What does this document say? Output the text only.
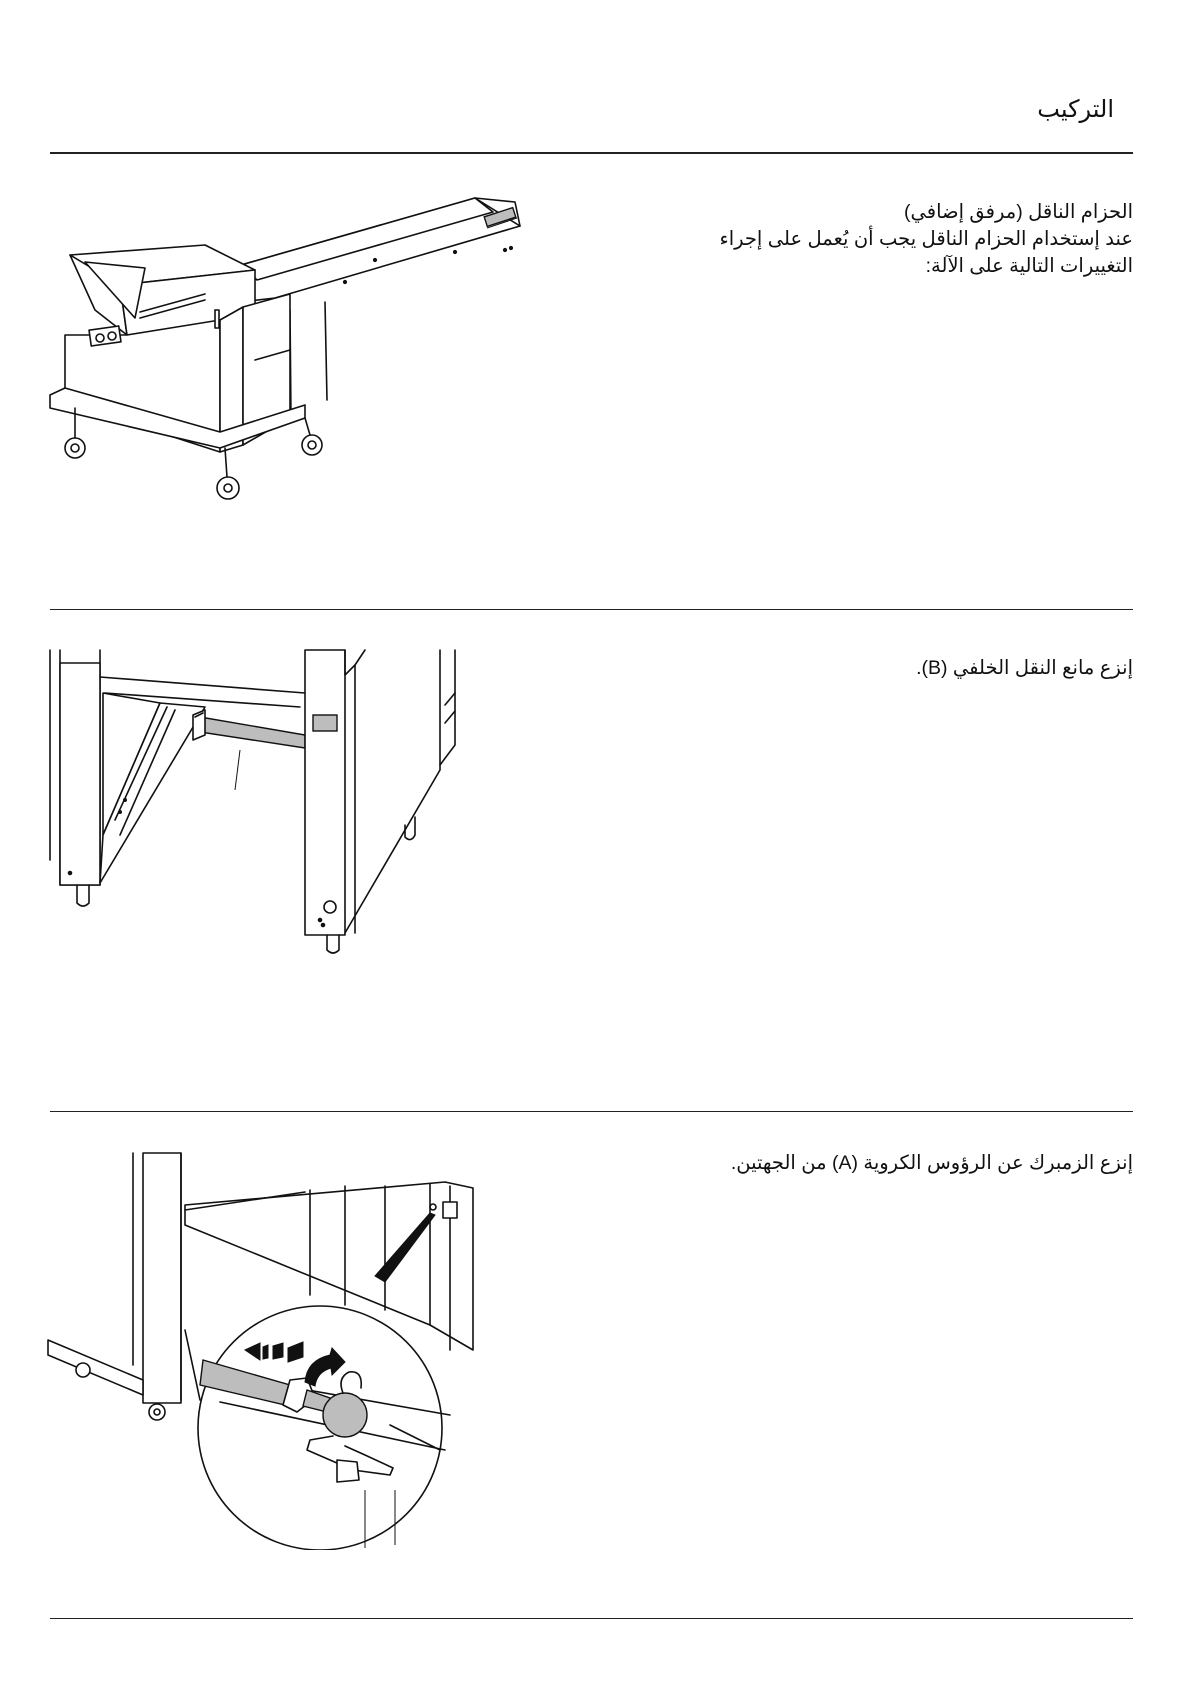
التركيب

الحزام الناقل (مرفق إضافي)

عند إستخدام الحزام الناقل يجب أن يُعمل على إجراء

التغييرات التالية على الآلة:

إنزع مانع النقل الخلفي (B).

إنزع الزمبرك عن الرؤوس الكروية (A) من الجهتين.
